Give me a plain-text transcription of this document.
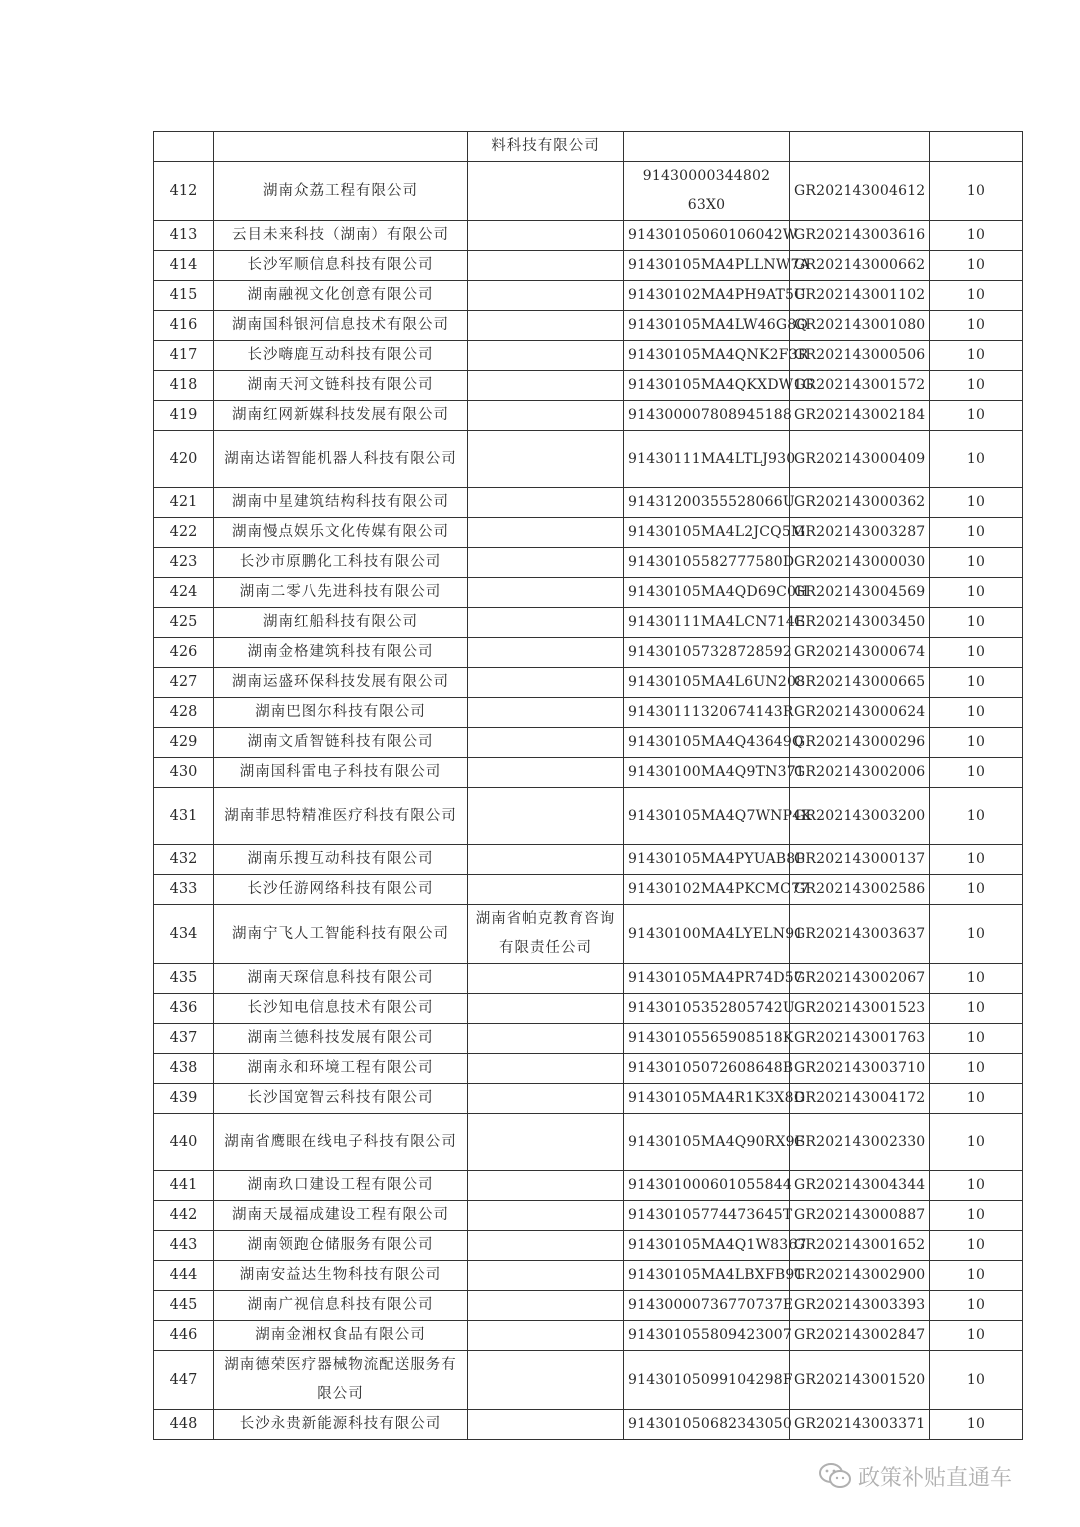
		料科技有限公司			
412	湖南众荔工程有限公司		91430000344802 63X0	GR202143004612	10
413	云目未来科技（湖南）有限公司		91430105060106042W	GR202143003616	10
414	长沙军顺信息科技有限公司		91430105MA4PLLNW7A	GR202143000662	10
415	湖南融视文化创意有限公司		91430102MA4PH9AT5U	GR202143001102	10
416	湖南国科银河信息技术有限公司		91430105MA4LW46G8Q	GR202143001080	10
417	长沙嗨鹿互动科技有限公司		91430105MA4QNK2F3R	GR202143000506	10
418	湖南天河文链科技有限公司		91430105MA4QKXDW1G	GR202143001572	10
419	湖南红网新媒科技发展有限公司		914300007808945188	GR202143002184	10
420	湖南达诺智能机器人科技有限公司		91430111MA4LTLJ930	GR202143000409	10
421	湖南中星建筑结构科技有限公司		91431200355528066U	GR202143000362	10
422	湖南慢点娱乐文化传媒有限公司		91430105MA4L2JCQ5M	GR202143003287	10
423	长沙市原鹏化工科技有限公司		91430105582777580D	GR202143000030	10
424	湖南二零八先进科技有限公司		91430105MA4QD69C0H	GR202143004569	10
425	湖南红船科技有限公司		91430111MA4LCN714E	GR202143003450	10
426	湖南金格建筑科技有限公司		914301057328728592	GR202143000674	10
427	湖南运盛环保科技发展有限公司		91430105MA4L6UN208	GR202143000665	10
428	湖南巴图尔科技有限公司		91430111320674143R	GR202143000624	10
429	湖南文盾智链科技有限公司		91430105MA4Q43649Q	GR202143000296	10
430	湖南国科雷电子科技有限公司		91430100MA4Q9TN371	GR202143002006	10
431	湖南菲思特精准医疗科技有限公司		91430105MA4Q7WNP4K	GR202143003200	10
432	湖南乐搜互动科技有限公司		91430105MA4PYUAB8P	GR202143000137	10
433	长沙任游网络科技有限公司		91430102MA4PKCMC77	GR202143002586	10
434	湖南宁飞人工智能科技有限公司	湖南省帕克教育咨询有限责任公司	91430100MA4LYELN91	GR202143003637	10
435	湖南天琛信息科技有限公司		91430105MA4PR74D57	GR202143002067	10
436	长沙知电信息技术有限公司		91430105352805742U	GR202143001523	10
437	湖南兰德科技发展有限公司		91430105565908518K	GR202143001763	10
438	湖南永和环境工程有限公司		91430105072608648B	GR202143003710	10
439	长沙国宽智云科技有限公司		91430105MA4R1K3X8D	GR202143004172	10
440	湖南省鹰眼在线电子科技有限公司		91430105MA4Q90RX9F	GR202143002330	10
441	湖南玖口建设工程有限公司		914301000601055844	GR202143004344	10
442	湖南天晟福成建设工程有限公司		91430105774473645T	GR202143000887	10
443	湖南领跑仓储服务有限公司		91430105MA4Q1W8367	GR202143001652	10
444	湖南安益达生物科技有限公司		91430105MA4LBXFB9T	GR202143002900	10
445	湖南广视信息科技有限公司		91430000736770737E	GR202143003393	10
446	湖南金湘权食品有限公司		914301055809423007	GR202143002847	10
447	湖南德荣医疗器械物流配送服务有限公司		91430105099104298F	GR202143001520	10
448	长沙永贵新能源科技有限公司		914301050682343050	GR202143003371	10
政策补贴直通车
